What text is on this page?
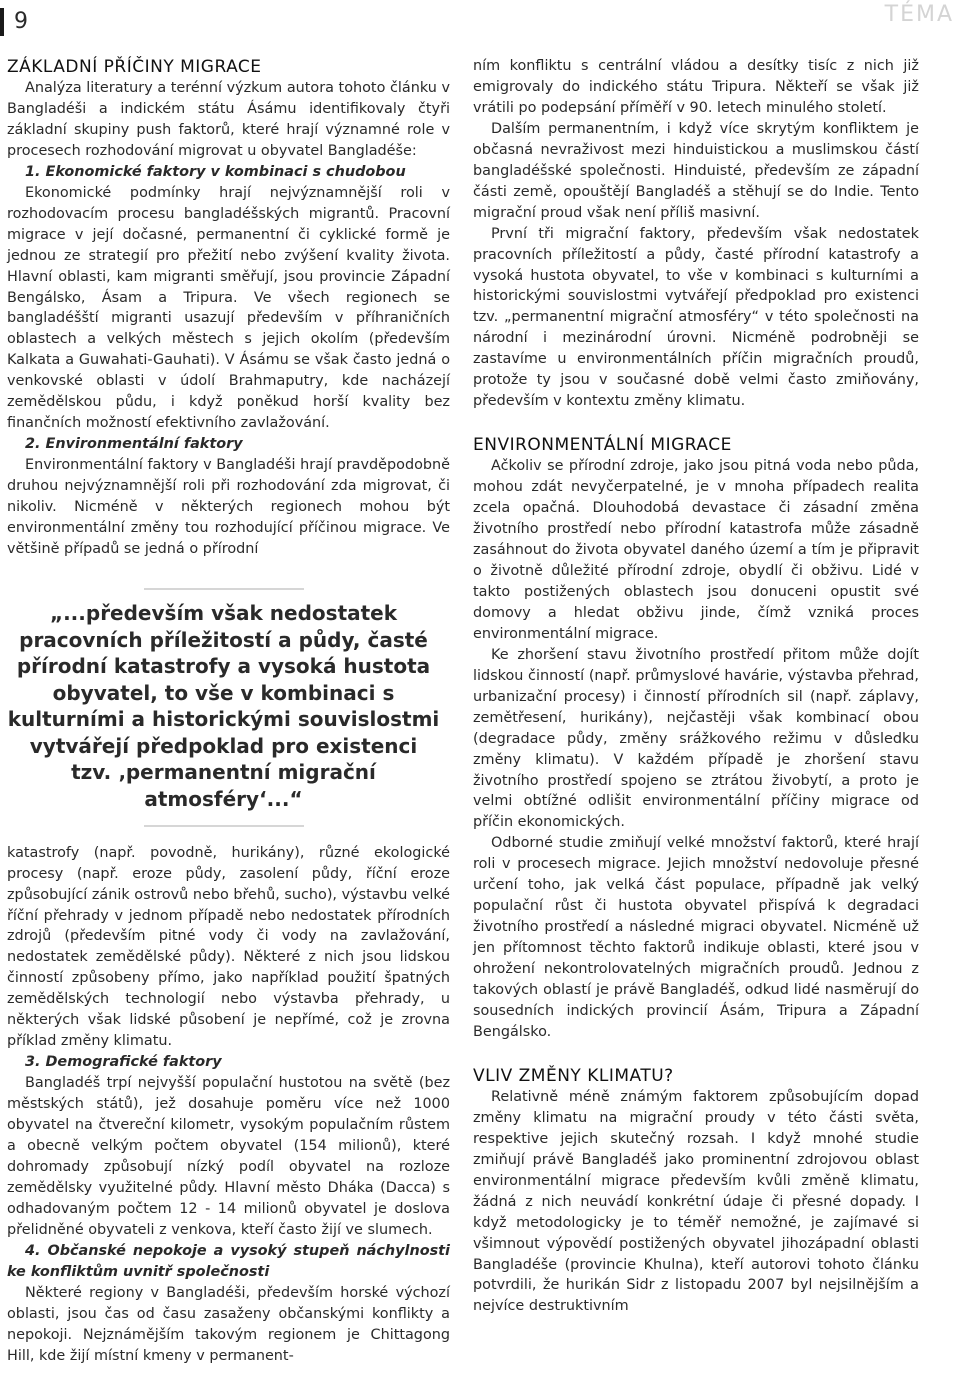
9	TÉMA
ZÁKLADNÍ PŘÍČINY MIGRACE

Analýza literatury a terénní výzkum autora tohoto článku v Bangladéši a indickém státu Ásámu identifikovaly čtyři základní skupiny push faktorů, které hrají významné role v procesech rozhodování migrovat u obyvatel Bangladéše:

1. Ekonomické faktory v kombinaci s chudobou

Ekonomické podmínky hrají nejvýznamnější roli v rozhodovacím procesu bangladéšských migrantů. Pracovní migrace v její dočasné, permanentní či cyklické formě je jednou ze strategií pro přežití nebo zvýšení kvality života. Hlavní oblasti, kam migranti směřují, jsou provincie Západní Bengálsko, Ásam a Tripura. Ve všech regionech se bangladéšští migranti usazují především v příhraničních oblastech a velkých městech s jejich okolím (především Kalkata a Guwahati-Gauhati). V Ásámu se však často jedná o venkovské oblasti v údolí Brahmaputry, kde nacházejí zemědělskou půdu, i když poněkud horší kvality bez finančních možností efektivního zavlažování.

2. Environmentální faktory

Environmentální faktory v Bangladéši hrají pravděpodobně druhou nejvýznamnější roli při rozhodování zda migrovat, či nikoliv. Nicméně v některých regionech mohou být environmentální změny tou rozhodující příčinou migrace. Ve většině případů se jedná o přírodní

„...především však nedostatek pracovních příležitostí a půdy, časté přírodní katastrofy a vysoká hustota obyvatel, to vše v kombinaci s kulturními a historickými souvislostmi vytvářejí předpoklad pro existenci tzv. ‚permanentní migrační atmosféry‘...“

katastrofy (např. povodně, hurikány), různé ekologické procesy (např. eroze půdy, zasolení půdy, říční eroze způsobující zánik ostrovů nebo břehů, sucho), výstavbu velké říční přehrady v jednom případě nebo nedostatek přírodních zdrojů (především pitné vody či vody na zavlažování, nedostatek zemědělské půdy). Některé z nich jsou lidskou činností způsobeny přímo, jako například použití špatných zemědělských technologií nebo výstavba přehrady, u některých však lidské působení je nepřímé, což je zrovna příklad změny klimatu.

3. Demografické faktory

Bangladéš trpí nejvyšší populační hustotou na světě (bez městských států), jež dosahuje poměru více než 1000 obyvatel na čtvereční kilometr, vysokým populačním růstem a obecně velkým počtem obyvatel (154 milionů), které dohromady způsobují nízký podíl obyvatel na rozloze zemědělsky využitelné půdy. Hlavní město Dháka (Dacca) s odhadovaným počtem 12 - 14 milionů obyvatel je doslova přelidněné obyvateli z venkova, kteří často žijí ve slumech.

4. Občanské nepokoje a vysoký stupeň náchylnosti ke konfliktům uvnitř společnosti

Některé regiony v Bangladéši, především horské výchozí oblasti, jsou čas od času zasaženy občanskými konflikty a nepokoji. Nejznámějším takovým regionem je Chittagong Hill, kde žijí místní kmeny v permanent-

ním konfliktu s centrální vládou a desítky tisíc z nich již emigrovaly do indického státu Tripura. Někteří se však již vrátili po podepsání příměří v 90. letech minulého století.

Dalším permanentním, i když více skrytým konfliktem je občasná nevraživost mezi hinduistickou a muslimskou částí bangladéšské společnosti. Hinduisté, především ze západní části země, opouštějí Bangladéš a stěhují se do Indie. Tento migrační proud však není příliš masivní.

První tři migrační faktory, především však nedostatek pracovních příležitostí a půdy, časté přírodní katastrofy a vysoká hustota obyvatel, to vše v kombinaci s kulturními a historickými souvislostmi vytvářejí předpoklad pro existenci tzv. „permanentní migrační atmosféry“ v této společnosti na národní i mezinárodní úrovni. Nicméně podrobněji se zastavíme u environmentálních příčin migračních proudů, protože ty jsou v současné době velmi často zmiňovány, především v kontextu změny klimatu.

ENVIRONMENTÁLNÍ MIGRACE

Ačkoliv se přírodní zdroje, jako jsou pitná voda nebo půda, mohou zdát nevyčerpatelné, je v mnoha případech realita zcela opačná. Dlouhodobá devastace či zásadní změna životního prostředí nebo přírodní katastrofa může zásadně zasáhnout do života obyvatel daného území a tím je připravit o životně důležité přírodní zdroje, obydlí či obživu. Lidé v takto postižených oblastech jsou donuceni opustit své domovy a hledat obživu jinde, čímž vzniká proces environmentální migrace.

Ke zhoršení stavu životního prostředí přitom může dojít lidskou činností (např. průmyslové havárie, výstavba přehrad, urbanizační procesy) i činností přírodních sil (např. záplavy, zemětřesení, hurikány), nejčastěji však kombinací obou (degradace půdy, změny srážkového režimu v důsledku změny klimatu). V každém případě je zhoršení stavu životního prostředí spojeno se ztrátou živobytí, a proto je velmi obtížné odlišit environmentální příčiny migrace od příčin ekonomických.

Odborné studie zmiňují velké množství faktorů, které hrají roli v procesech migrace. Jejich množství nedovoluje přesné určení toho, jak velká část populace, případně jak velký populační růst či hustota obyvatel přispívá k degradaci životního prostředí a následné migraci obyvatel. Nicméně už jen přítomnost těchto faktorů indikuje oblasti, které jsou v ohrožení nekontrolovatelných migračních proudů. Jednou z takových oblastí je právě Bangladéš, odkud lidé nasměrují do sousedních indických provincií Ásám, Tripura a Západní Bengálsko.

VLIV ZMĚNY KLIMATU?

Relativně méně známým faktorem způsobujícím dopad změny klimatu na migrační proudy v této části světa, respektive jejich skutečný rozsah. I když mnohé studie zmiňují právě Bangladéš jako prominentní zdrojovou oblast environmentální migrace především kvůli změně klimatu, žádná z nich neuvádí konkrétní údaje či přesné dopady. I když metodologicky je to téměř nemožné, je zajímavé si všimnout výpovědí postižených obyvatel jihozápadní oblasti Bangladéše (provincie Khulna), kteří autorovi tohoto článku potvrdili, že hurikán Sidr z listopadu 2007 byl nejsilnějším a nejvíce destruktivním
